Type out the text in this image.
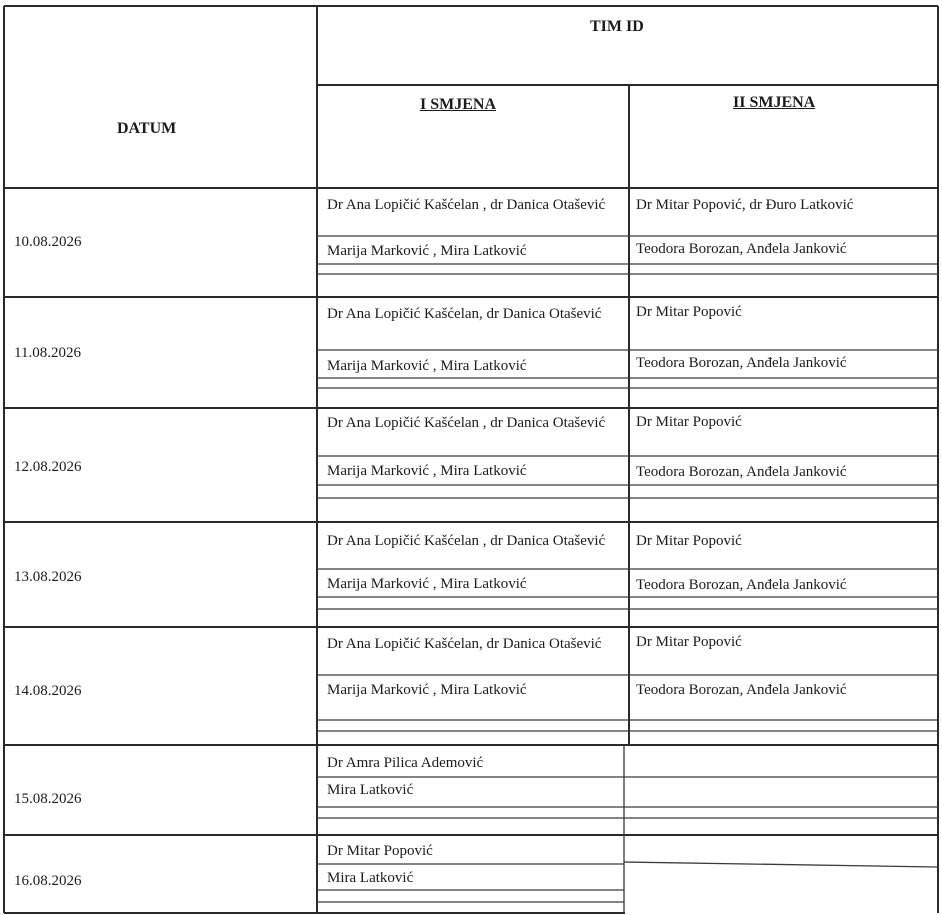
DATUM
TIM ID
I SMJENA	II SMJENA
10.08.2026
Dr Ana Lopičić Kašćelan , dr Danica Otašević
Marija Marković , Mira Latković
Dr Mitar Popović, dr Đuro Latković
Teodora Borozan, Anđela Janković
11.08.2026
Dr Ana Lopičić Kašćelan, dr Danica Otašević
Marija Marković , Mira Latković
Dr Mitar Popović
Teodora Borozan, Anđela Janković
12.08.2026
Dr Ana Lopičić Kašćelan , dr Danica Otašević
Marija Marković , Mira Latković
Dr Mitar Popović
Teodora Borozan, Anđela Janković
13.08.2026
Dr Ana Lopičić Kašćelan , dr Danica Otašević
Marija Marković , Mira Latković
Dr Mitar Popović
Teodora Borozan, Anđela Janković
14.08.2026
Dr Ana Lopičić Kašćelan, dr Danica Otašević
Marija Marković , Mira Latković
Dr Mitar Popović
Teodora Borozan, Anđela Janković
15.08.2026
Dr Amra Pilica Ademović
Mira Latković
16.08.2026
Dr Mitar Popović
Mira Latković
